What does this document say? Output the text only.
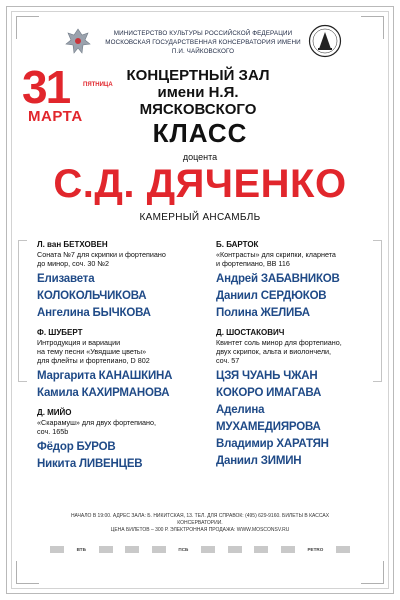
МИНИСТЕРСТВО КУЛЬТУРЫ РОССИЙСКОЙ ФЕДЕРАЦИИ
МОСКОВСКАЯ ГОСУДАРСТВЕННАЯ КОНСЕРВАТОРИЯ ИМЕНИ П.И. ЧАЙКОВСКОГО
31 ПЯТНИЦА
МАРТА
КОНЦЕРТНЫЙ ЗАЛ
имени Н.Я. МЯСКОВСКОГО
КЛАСС
доцента
С.Д. ДЯЧЕНКО
КАМЕРНЫЙ АНСАМБЛЬ
Л. ван БЕТХОВЕН
Соната №7 для скрипки и фортепиано
до минор, соч. 30 №2
Елизавета
КОЛОКОЛЬЧИКОВА
Ангелина БЫЧКОВА
Ф. ШУБЕРТ
Интродукция и вариации
на тему песни «Увядшие цветы»
для флейты и фортепиано, D 802
Маргарита КАНАШКИНА
Камила КАХИРМАНОВА
Д. МИЙО
«Скарамуш» для двух фортепиано,
соч. 165b
Фёдор БУРОВ
Никита ЛИВЕНЦЕВ
Б. БАРТОК
«Контрасты» для скрипки, кларнета
и фортепиано, BB 116
Андрей ЗАБАВНИКОВ
Даниил СЕРДЮКОВ
Полина ЖЕЛИБА
Д. ШОСТАКОВИЧ
Квинтет соль минор для фортепиано,
двух скрипок, альта и виолончели,
соч. 57
ЦЗЯ ЧУАНЬ ЧЖАН
КОКОРО ИМАГАВА
Аделина
МУХАМЕДИЯРОВА
Владимир ХАРАТЯН
Даниил ЗИМИН
НАЧАЛО В 19:00. АДРЕС ЗАЛА: Б. НИКИТСКАЯ, 13. ТЕЛ. ДЛЯ СПРАВОК: (495) 629-9160. БИЛЕТЫ В КАССАХ КОНСЕРВАТОРИИ.
ЦЕНА БИЛЕТОВ – 300 Р. ЭЛЕКТРОННАЯ ПРОДАЖА: WWW.MOSCONSV.RU
ВТБ	ПСБ	PETRO
